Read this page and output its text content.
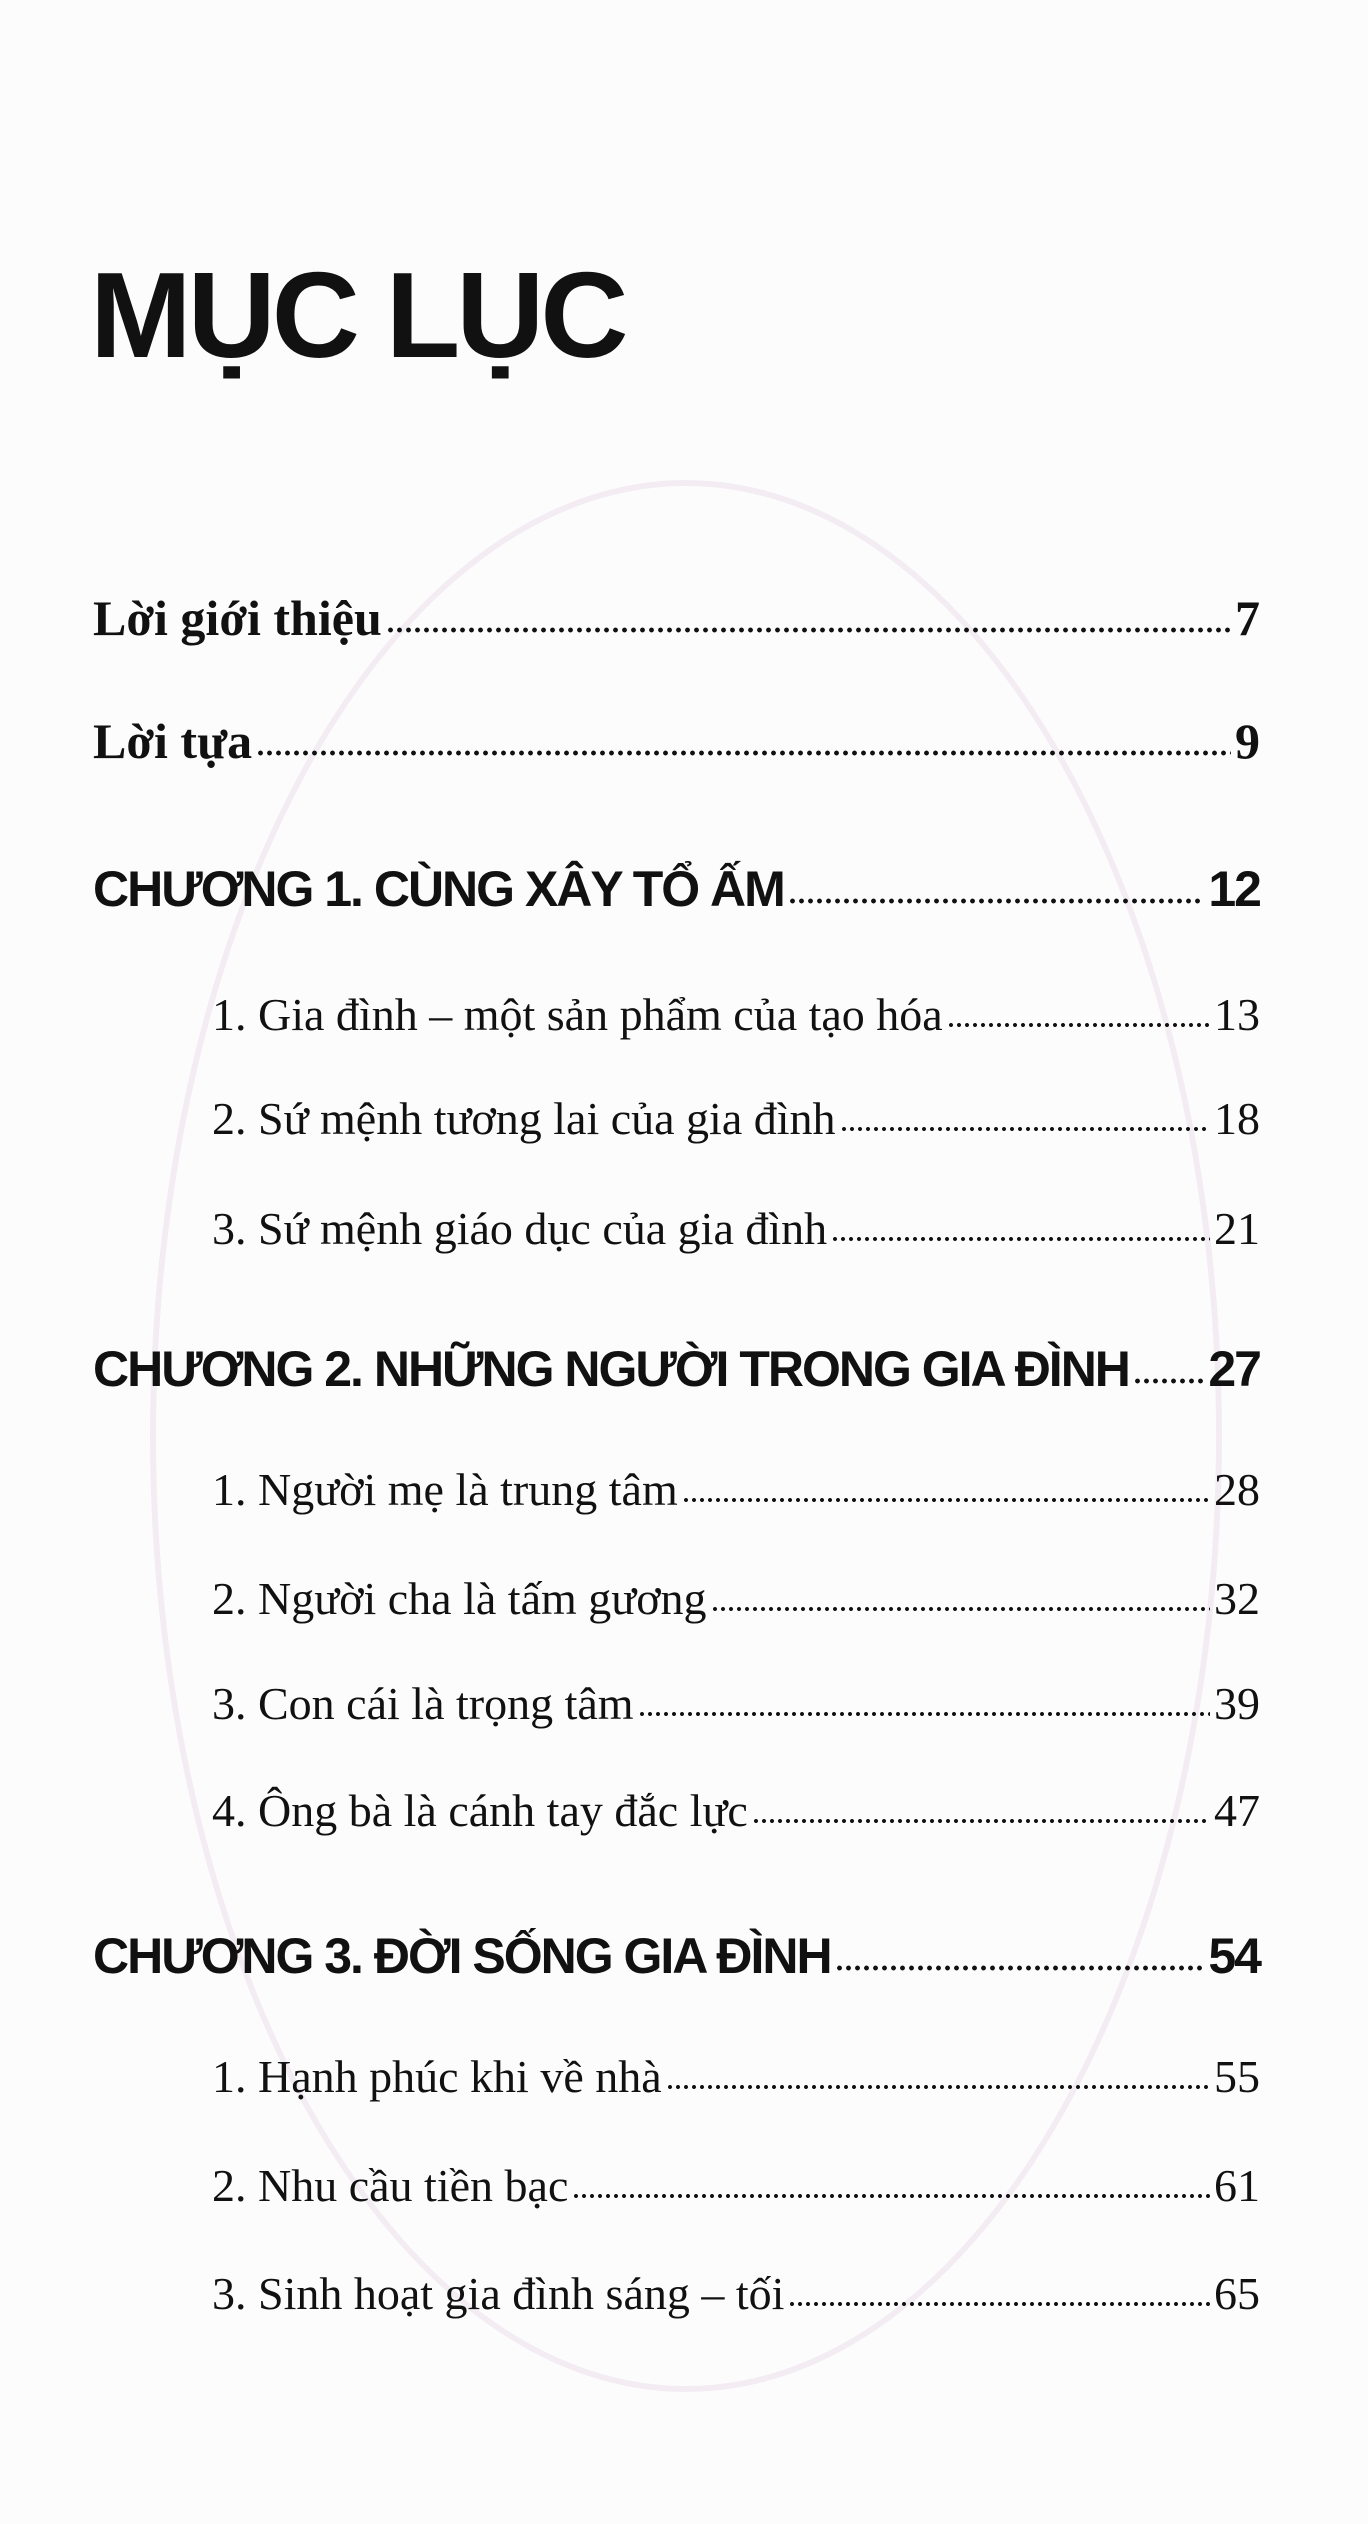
MỤC LỤC
Lời giới thiệu	7
Lời tựa	9
CHƯƠNG 1. CÙNG XÂY TỔ ẤM	12
1. Gia đình – một sản phẩm của tạo hóa	13
2. Sứ mệnh tương lai của gia đình	18
3. Sứ mệnh giáo dục của gia đình	21
CHƯƠNG 2. NHỮNG NGƯỜI TRONG GIA ĐÌNH 27
1. Người mẹ là trung tâm	28
2. Người cha là tấm gương	32
3. Con cái là trọng tâm	39
4. Ông bà là cánh tay đắc lực	47
CHƯƠNG 3. ĐỜI SỐNG GIA ĐÌNH	54
1. Hạnh phúc khi về nhà	55
2. Nhu cầu tiền bạc	61
3. Sinh hoạt gia đình sáng – tối	65
